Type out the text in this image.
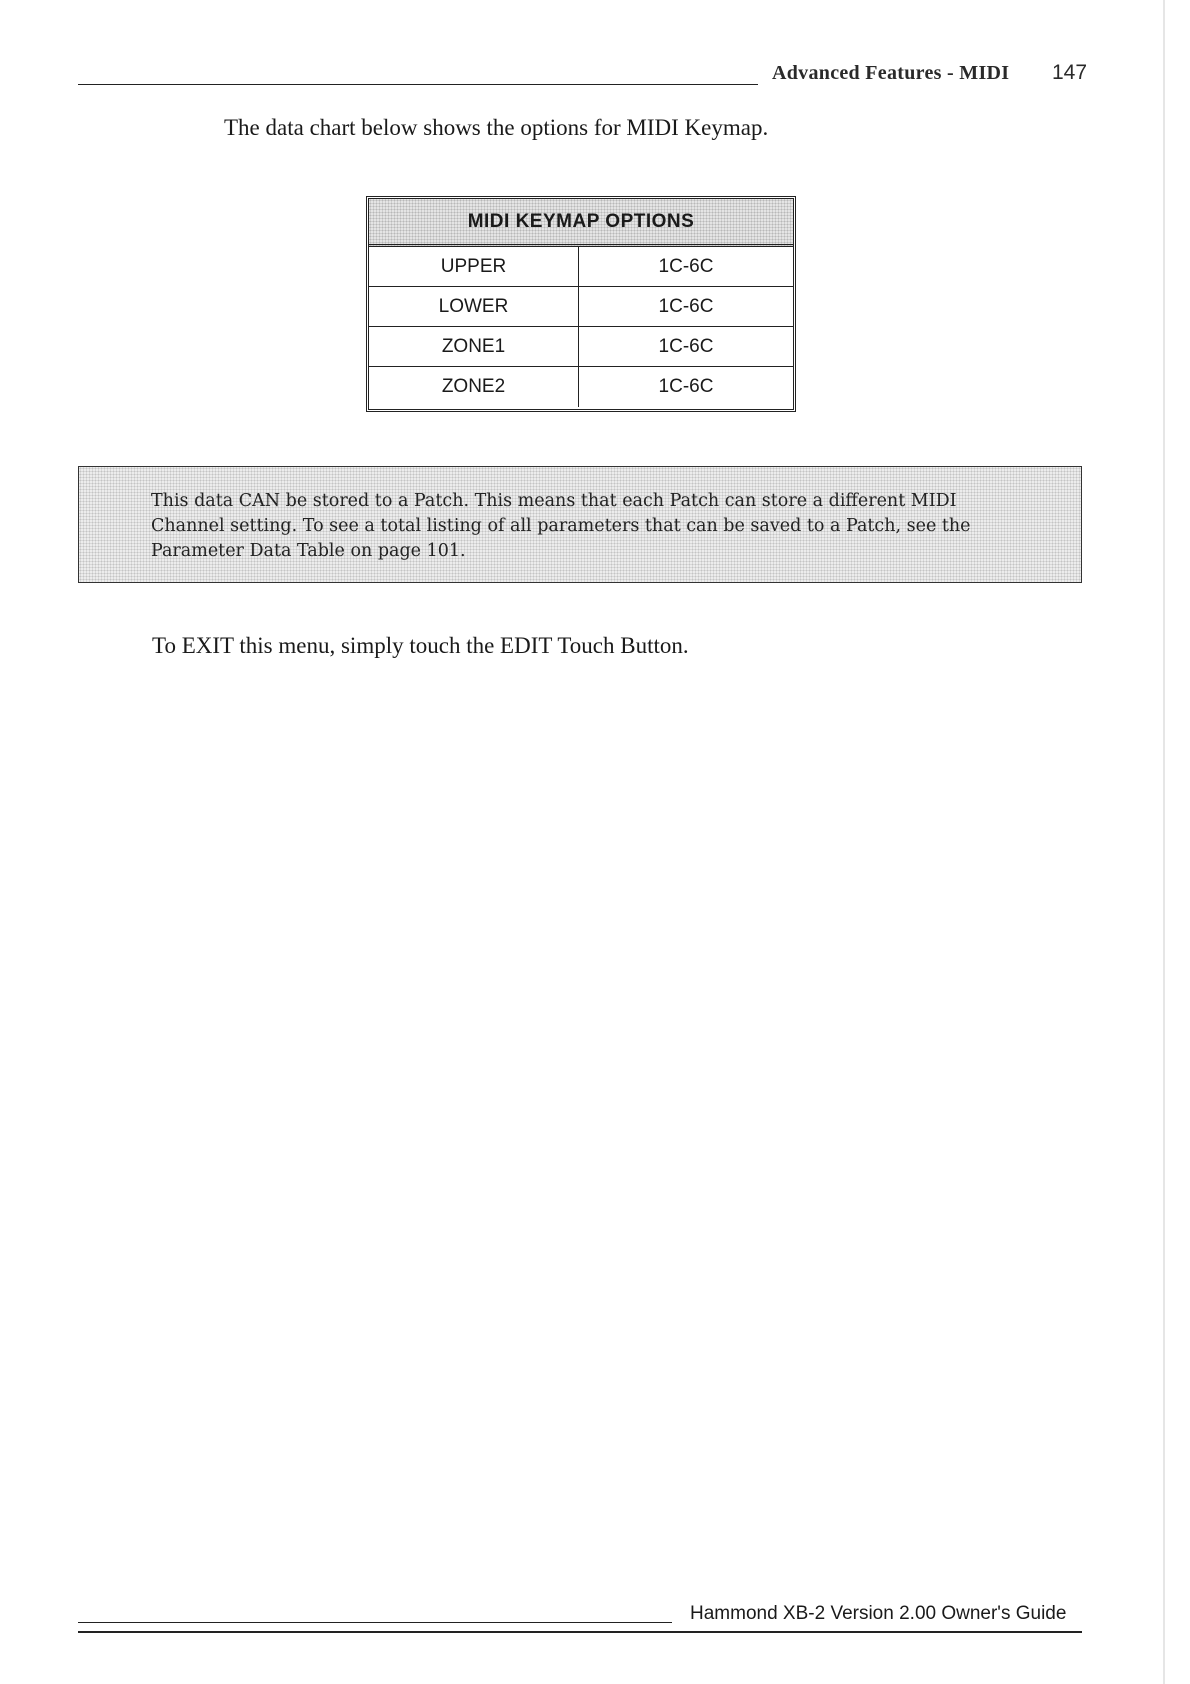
Advanced Features - MIDI 147

The data chart below shows the options for MIDI Keymap.

MIDI KEYMAP OPTIONS
UPPER	1C-6C
LOWER	1C-6C
ZONE1	1C-6C
ZONE2	1C-6C
This data CAN be stored to a Patch. This means that each Patch can store a different MIDI
Channel setting. To see a total listing of all parameters that can be saved to a Patch, see the
Parameter Data Table on page 101.

To EXIT this menu, simply touch the EDIT Touch Button.

Hammond XB-2 Version 2.00 Owner's Guide
